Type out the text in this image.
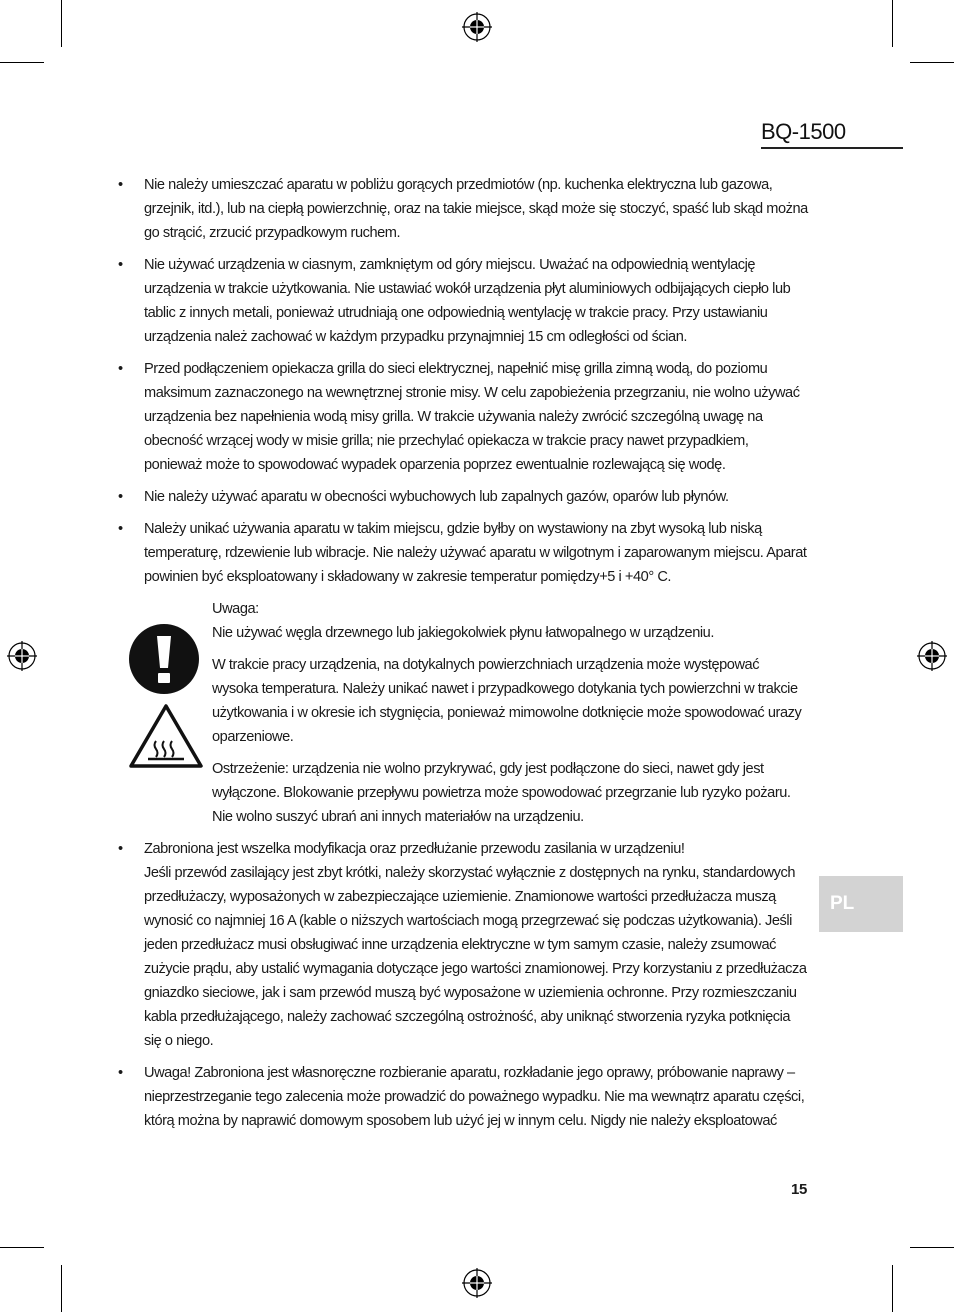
BQ-1500
PL

• Nie należy umieszczać aparatu w pobliżu gorących przedmiotów (np. kuchenka elektryczna lub gazowa, grzejnik, itd.), lub na ciepłą powierzchnię, oraz na takie miejsce, skąd może się stoczyć, spaść lub skąd można go strącić, zrzucić przypadkowym ruchem.

• Nie używać urządzenia w ciasnym, zamkniętym od góry miejscu. Uważać na odpowiednią wentylację urządzenia w trakcie użytkowania. Nie ustawiać wokół urządzenia płyt aluminiowych odbijających ciepło lub tablic z innych metali, ponieważ utrudniają one odpowiednią wentylację w trakcie pracy. Przy ustawianiu urządzenia należ zachować w każdym przypadku przynajmniej 15 cm odległości od ścian.

• Przed podłączeniem opiekacza grilla do sieci elektrycznej, napełnić misę grilla zimną wodą, do poziomu maksimum zaznaczonego na wewnętrznej stronie misy. W celu zapobieżenia przegrzaniu, nie wolno używać urządzenia bez napełnienia wodą misy grilla. W trakcie używania należy zwrócić szczególną uwagę na obecność wrzącej wody w misie grilla; nie przechylać opiekacza w trakcie pracy nawet przypadkiem, ponieważ może to spowodować wypadek oparzenia poprzez ewentualnie rozlewającą się wodę.

• Nie należy używać aparatu w obecności wybuchowych lub zapalnych gazów, oparów lub płynów.

• Należy unikać używania aparatu w takim miejscu, gdzie byłby on wystawiony na zbyt wysoką lub niską temperaturę, rdzewienie lub wibracje. Nie należy używać aparatu w wilgotnym i zaparowanym miejscu. Aparat powinien być eksploatowany i składowany w zakresie temperatur pomiędzy+5 i +40° C.

Uwaga:

Nie używać węgla drzewnego lub jakiegokolwiek płynu łatwopalnego w urządzeniu.

W trakcie pracy urządzenia, na dotykalnych powierzchniach urządzenia może występować wysoka temperatura. Należy unikać nawet i przypadkowego dotykania tych powierzchni w trakcie użytkowania i w okresie ich stygnięcia, ponieważ mimowolne dotknięcie może spowodować urazy oparzeniowe.

Ostrzeżenie: urządzenia nie wolno przykrywać, gdy jest podłączone do sieci, nawet gdy jest wyłączone. Blokowanie przepływu powietrza może spowodować przegrzanie lub ryzyko pożaru. Nie wolno suszyć ubrań ani innych materiałów na urządzeniu.

• Zabroniona jest wszelka modyfikacja oraz przedłużanie przewodu zasilania w urządzeniu!

Jeśli przewód zasilający jest zbyt krótki, należy skorzystać wyłącznie z dostępnych na rynku, standardowych przedłużaczy, wyposażonych w zabezpieczające uziemienie. Znamionowe wartości przedłużacza muszą wynosić co najmniej 16 A (kable o niższych wartościach mogą przegrzewać się podczas użytkowania). Jeśli jeden przedłużacz musi obsługiwać inne urządzenia elektryczne w tym samym czasie, należy zsumować zużycie prądu, aby ustalić wymagania dotyczące jego wartości znamionowej. Przy korzystaniu z przedłużacza gniazdko sieciowe, jak i sam przewód muszą być wyposażone w uziemienia ochronne. Przy rozmieszczaniu kabla przedłużającego, należy zachować szczególną ostrożność, aby uniknąć stworzenia ryzyka potknięcia się o niego.

• Uwaga! Zabroniona jest własnoręczne rozbieranie aparatu, rozkładanie jego oprawy, próbowanie naprawy – nieprzestrzeganie tego zalecenia może prowadzić do poważnego wypadku. Nie ma wewnątrz aparatu części, którą można by naprawić domowym sposobem lub użyć jej w innym celu. Nigdy nie należy eksploatować

15
